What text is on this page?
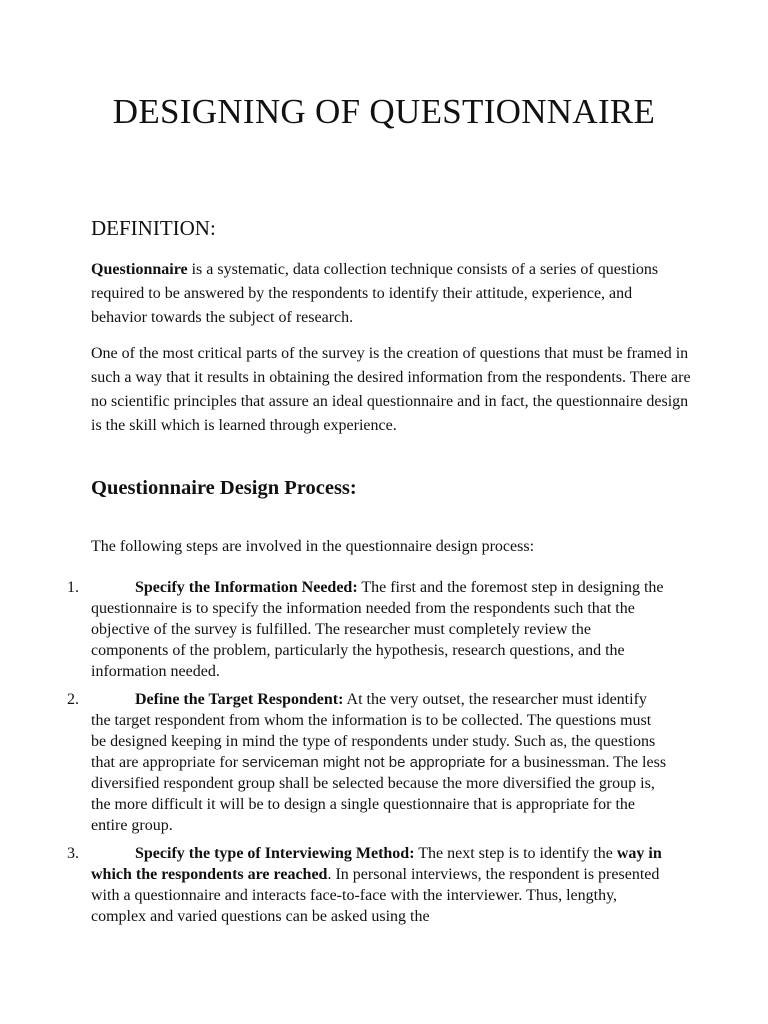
DESIGNING OF QUESTIONNAIRE
DEFINITION:

Questionnaire is a systematic, data collection technique consists of a series of questions required to be answered by the respondents to identify their attitude, experience, and behavior towards the subject of research.

One of the most critical parts of the survey is the creation of questions that must be framed in such a way that it results in obtaining the desired information from the respondents. There are no scientific principles that assure an ideal questionnaire and in fact, the questionnaire design is the skill which is learned through experience.

Questionnaire Design Process:

The following steps are involved in the questionnaire design process:

1.	Specify the Information Needed: The first and the foremost step in designing the questionnaire is to specify the information needed from the respondents such that the objective of the survey is fulfilled. The researcher must completely review the components of the problem, particularly the hypothesis, research questions, and the information needed.
2.	Define the Target Respondent: At the very outset, the researcher must identify the target respondent from whom the information is to be collected. The questions must be designed keeping in mind the type of respondents under study. Such as, the questions that are appropriate for serviceman might not be appropriate for a businessman. The less diversified respondent group shall be selected because the more diversified the group is, the more difficult it will be to design a single questionnaire that is appropriate for the entire group.
3.	Specify the type of Interviewing Method: The next step is to identify the way in which the respondents are reached. In personal interviews, the respondent is presented with a questionnaire and interacts face-to-face with the interviewer. Thus, lengthy, complex and varied questions can be asked using the
